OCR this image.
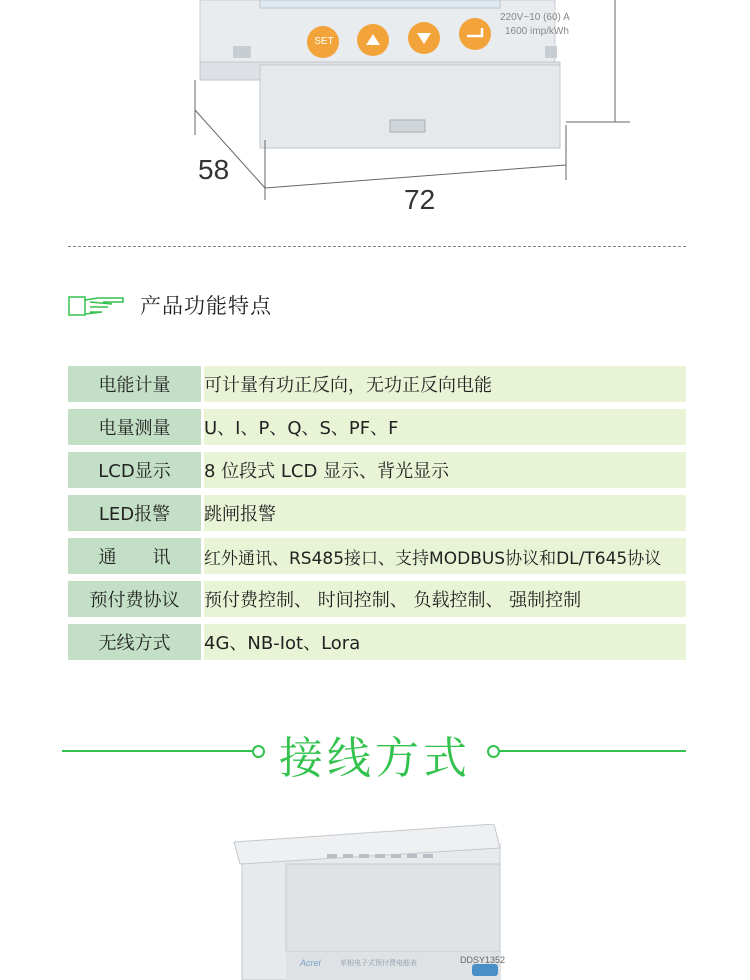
SET
220V~10 (60) A
1600 imp/kWh
58
72
产品功能特点
电能计量	可计量有功正反向，无功正反向电能
电量测量	U、I、P、Q、S、PF、F
LCD显示	8 位段式 LCD 显示、背光显示
LED报警	跳闸报警
通　　讯	红外通讯、RS485接口、支持MODBUS协议和DL/T645协议
预付费协议	预付费控制、 时间控制、 负载控制、 强制控制
无线方式	4G、NB-Iot、Lora
接线方式
Acrel	单相电子式预付费电能表	DDSY1352
